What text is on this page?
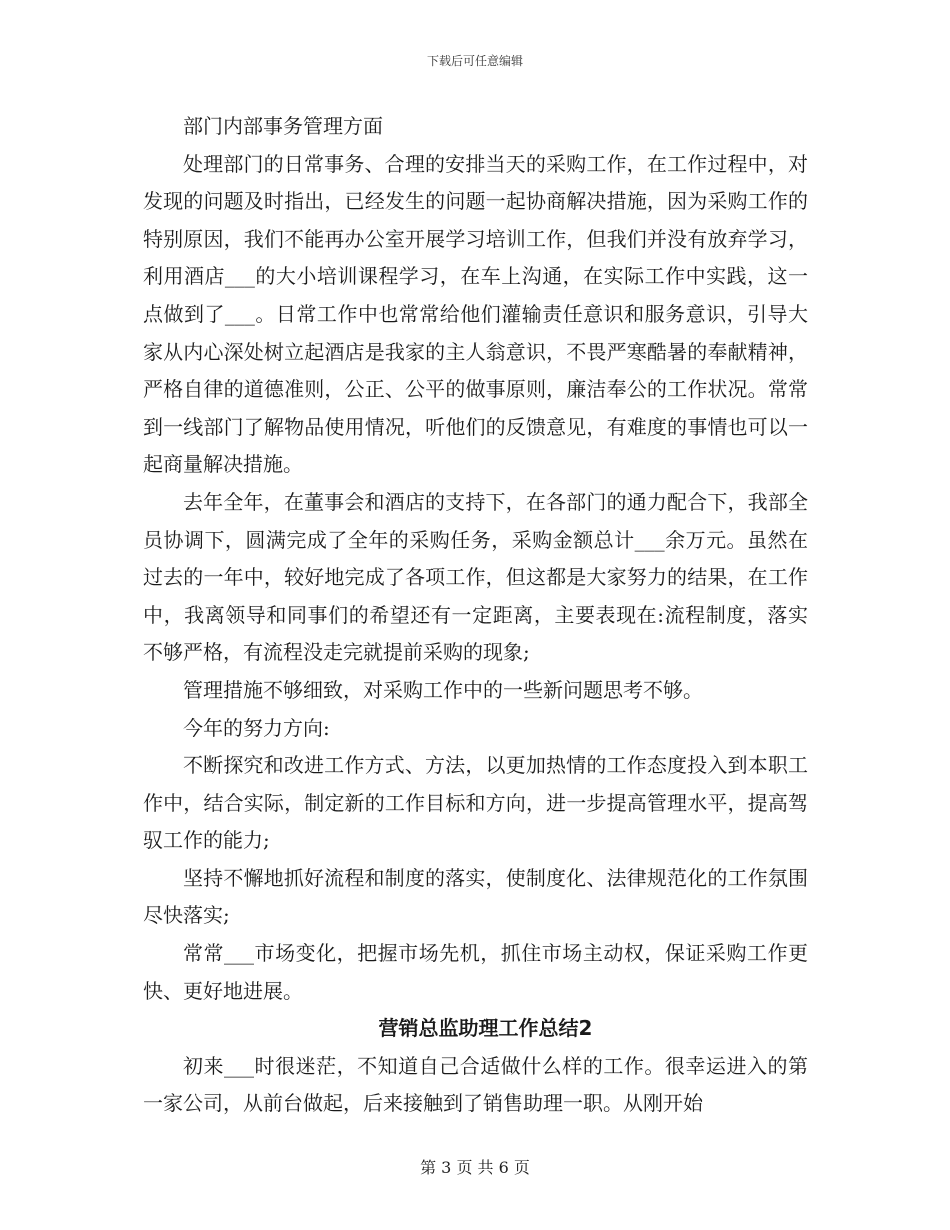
下载后可任意编辑

部门内部事务管理方面

处理部门的日常事务、合理的安排当天的采购工作，在工作过程中，对发现的问题及时指出，已经发生的问题一起协商解决措施，因为采购工作的特别原因，我们不能再办公室开展学习培训工作，但我们并没有放弃学习，利用酒店___的大小培训课程学习，在车上沟通，在实际工作中实践，这一点做到了___。日常工作中也常常给他们灌输责任意识和服务意识，引导大家从内心深处树立起酒店是我家的主人翁意识，不畏严寒酷暑的奉献精神，严格自律的道德准则，公正、公平的做事原则，廉洁奉公的工作状况。常常到一线部门了解物品使用情况，听他们的反馈意见，有难度的事情也可以一起商量解决措施。

去年全年，在董事会和酒店的支持下，在各部门的通力配合下，我部全员协调下，圆满完成了全年的采购任务，采购金额总计___余万元。虽然在过去的一年中，较好地完成了各项工作，但这都是大家努力的结果，在工作中，我离领导和同事们的希望还有一定距离，主要表现在:流程制度，落实不够严格，有流程没走完就提前采购的现象;

管理措施不够细致，对采购工作中的一些新问题思考不够。

今年的努力方向:

不断探究和改进工作方式、方法，以更加热情的工作态度投入到本职工作中，结合实际，制定新的工作目标和方向，进一步提高管理水平，提高驾驭工作的能力;

坚持不懈地抓好流程和制度的落实，使制度化、法律规范化的工作氛围尽快落实;

常常___市场变化，把握市场先机，抓住市场主动权，保证采购工作更快、更好地进展。

营销总监助理工作总结2

初来___时很迷茫，不知道自己合适做什么样的工作。很幸运进入的第一家公司，从前台做起，后来接触到了销售助理一职。从刚开始

第 3 页 共 6 页
